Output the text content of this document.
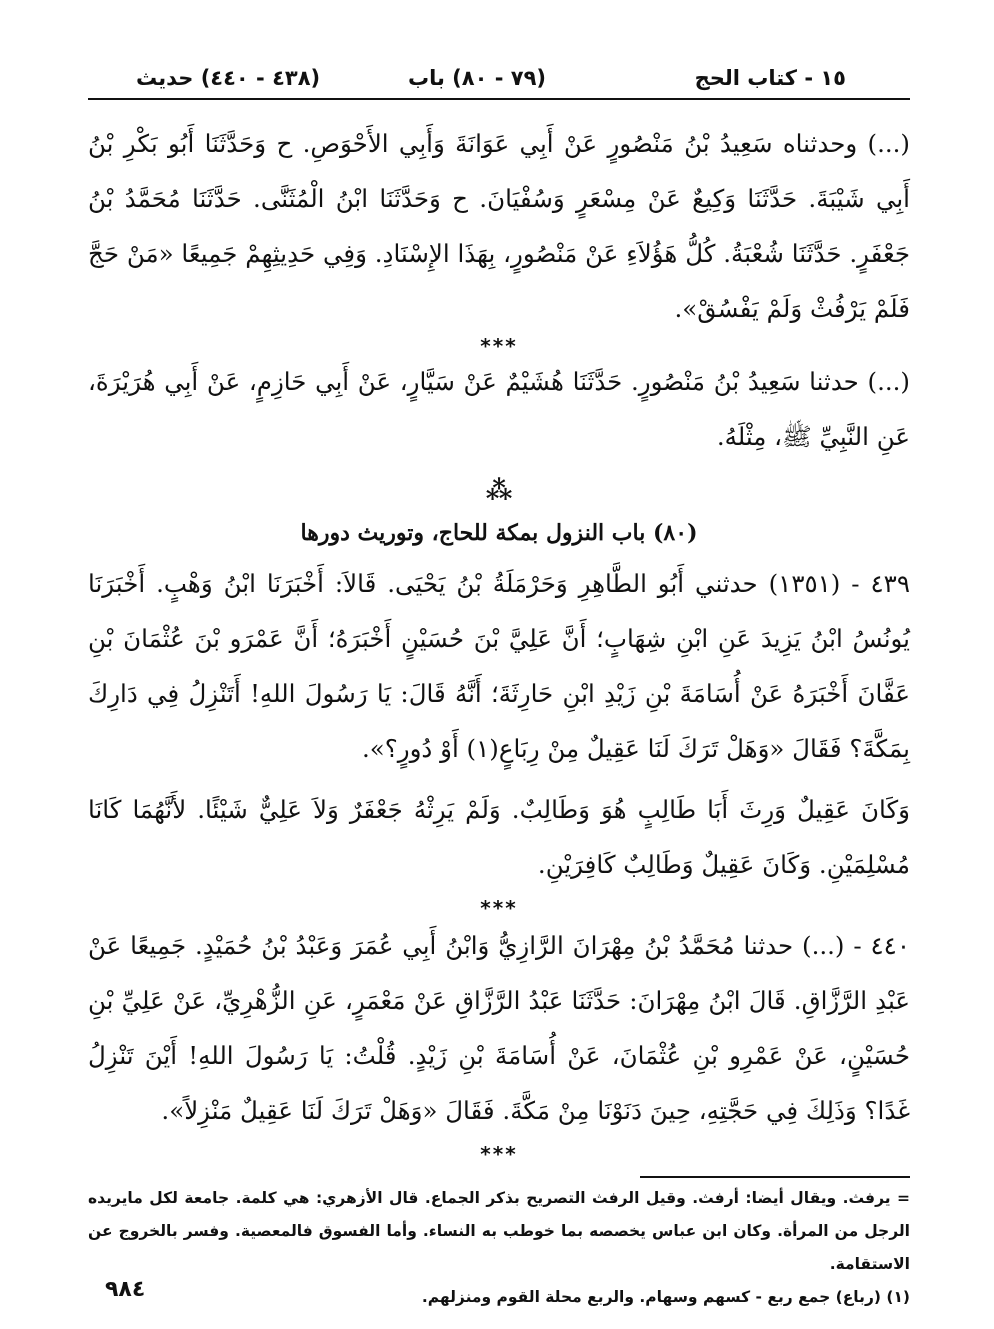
١٥ - كتاب الحج
(٧٩ - ٨٠) باب
(٤٣٨ - ٤٤٠) حديث

(...) وحدثناه سَعِيدُ بْنُ مَنْصُورٍ عَنْ أَبِي عَوَانَةَ وَأَبِي الأَحْوَصِ. ح وَحَدَّثَنَا أَبُو بَكْرِ بْنُ أَبِي شَيْبَةَ. حَدَّثَنَا وَكِيعٌ عَنْ مِسْعَرٍ وَسُفْيَانَ. ح وَحَدَّثَنَا ابْنُ الْمُثَنَّى. حَدَّثَنَا مُحَمَّدُ بْنُ جَعْفَرٍ. حَدَّثَنَا شُعْبَةُ. كُلُّ هَؤُلاَءِ عَنْ مَنْصُورٍ، بِهَذَا الإِسْنَادِ. وَفِي حَدِيثِهِمْ جَمِيعًا «مَنْ حَجَّ فَلَمْ يَرْفُثْ وَلَمْ يَفْسُقْ».

***

(...) حدثنا سَعِيدُ بْنُ مَنْصُورٍ. حَدَّثَنَا هُشَيْمٌ عَنْ سَيَّارٍ، عَنْ أَبِي حَازِمٍ، عَنْ أَبِي هُرَيْرَةَ، عَنِ النَّبِيِّ ﷺ، مِثْلَهُ.

⁂
(٨٠) باب النزول بمكة للحاج، وتوريث دورها

٤٣٩ - (١٣٥١) حدثني أَبُو الطَّاهِرِ وَحَرْمَلَةُ بْنُ يَحْيَى. قَالاَ: أَخْبَرَنَا ابْنُ وَهْبٍ. أَخْبَرَنَا يُونُسُ ابْنُ يَزِيدَ عَنِ ابْنِ شِهَابٍ؛ أَنَّ عَلِيَّ بْنَ حُسَيْنٍ أَخْبَرَهُ؛ أَنَّ عَمْرَو بْنَ عُثْمَانَ بْنِ عَفَّانَ أَخْبَرَهُ عَنْ أُسَامَةَ بْنِ زَيْدِ ابْنِ حَارِثَةَ؛ أَنَّهُ قَالَ: يَا رَسُولَ اللهِ! أَتَنْزِلُ فِي دَارِكَ بِمَكَّةَ؟ فَقَالَ «وَهَلْ تَرَكَ لَنَا عَقِيلٌ مِنْ رِبَاعٍ(١) أَوْ دُورٍ؟».

وَكَانَ عَقِيلٌ وَرِثَ أَبَا طَالِبٍ هُوَ وَطَالِبٌ. وَلَمْ يَرِثْهُ جَعْفَرٌ وَلاَ عَلِيٌّ شَيْئًا. لأَنَّهُمَا كَانَا مُسْلِمَيْنِ. وَكَانَ عَقِيلٌ وَطَالِبٌ كَافِرَيْنِ.

***

٤٤٠ - (...) حدثنا مُحَمَّدُ بْنُ مِهْرَانَ الرَّازِيُّ وَابْنُ أَبِي عُمَرَ وَعَبْدُ بْنُ حُمَيْدٍ. جَمِيعًا عَنْ عَبْدِ الرَّزَّاقِ. قَالَ ابْنُ مِهْرَانَ: حَدَّثَنَا عَبْدُ الرَّزَّاقِ عَنْ مَعْمَرٍ، عَنِ الزُّهْرِيِّ، عَنْ عَلِيِّ بْنِ حُسَيْنٍ، عَنْ عَمْرِو بْنِ عُثْمَانَ، عَنْ أُسَامَةَ بْنِ زَيْدٍ. قُلْتُ: يَا رَسُولَ اللهِ! أَيْنَ تَنْزِلُ غَدًا؟ وَذَلِكَ فِي حَجَّتِهِ، حِينَ دَنَوْنَا مِنْ مَكَّةَ. فَقَالَ «وَهَلْ تَرَكَ لَنَا عَقِيلٌ مَنْزِلاً».

***

= يرفث. ويقال أيضا: أرفث. وقيل الرفث التصريح بذكر الجماع. قال الأزهري: هي كلمة. جامعة لكل مايريده الرجل من المرأة. وكان ابن عباس يخصصه بما خوطب به النساء. وأما الفسوق فالمعصية. وفسر بالخروج عن الاستقامة.

(١) (رباع) جمع ربع - كسهم وسهام. والربع محلة القوم ومنزلهم.

٩٨٤
